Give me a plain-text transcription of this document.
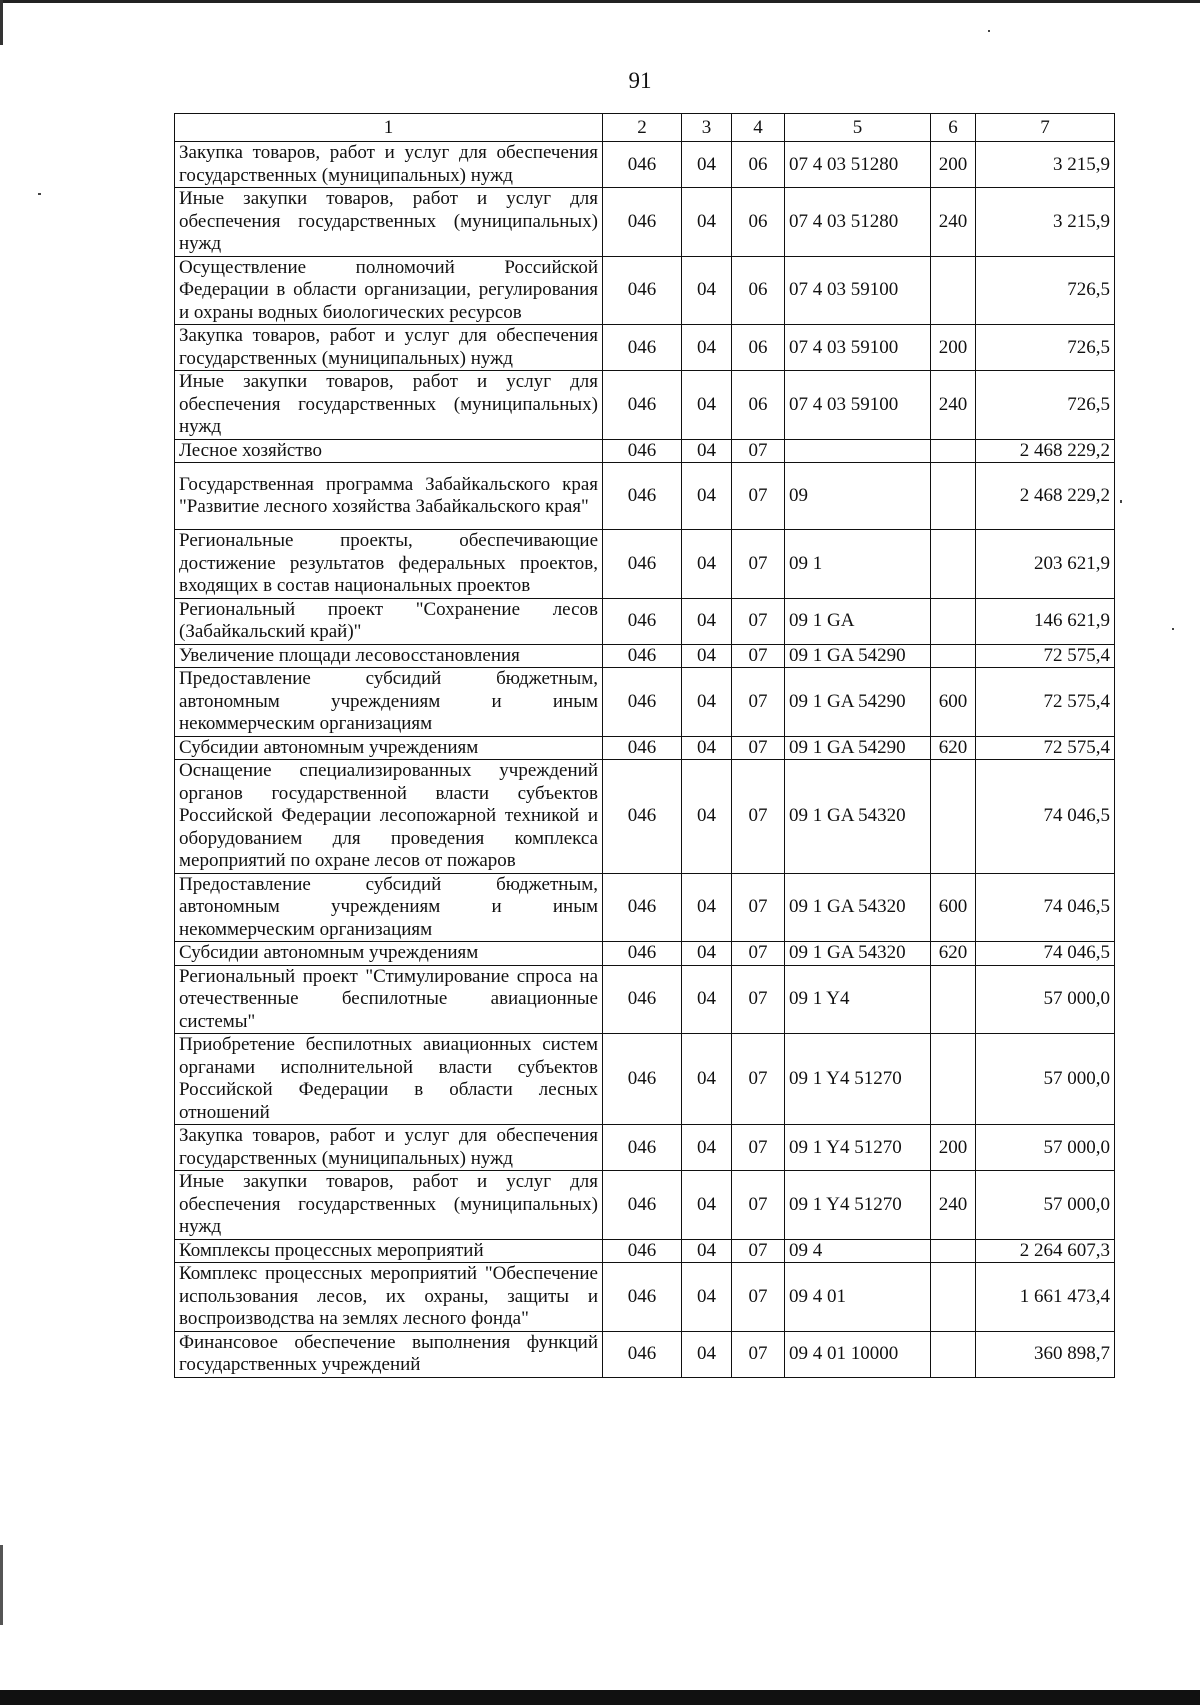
91
1	2	3	4	5	6	7
Закупка товаров, работ и услуг для обеспечения государственных (муниципальных) нужд	046	04	06	07 4 03 51280	200	3 215,9
Иные закупки товаров, работ и услуг для обеспечения государственных (муниципальных) нужд	046	04	06	07 4 03 51280	240	3 215,9
Осуществление полномочий Российской Федерации в области организации, регулирования и охраны водных биологических ресурсов	046	04	06	07 4 03 59100		726,5
Закупка товаров, работ и услуг для обеспечения государственных (муниципальных) нужд	046	04	06	07 4 03 59100	200	726,5
Иные закупки товаров, работ и услуг для обеспечения государственных (муниципальных) нужд	046	04	06	07 4 03 59100	240	726,5
Лесное хозяйство	046	04	07			2 468 229,2
Государственная программа Забайкальского края "Развитие лесного хозяйства Забайкальского края"	046	04	07	09		2 468 229,2
Региональные проекты, обеспечивающие достижение результатов федеральных проектов, входящих в состав национальных проектов	046	04	07	09 1		203 621,9
Региональный проект "Сохранение лесов (Забайкальский край)"	046	04	07	09 1 GA		146 621,9
Увеличение площади лесовосстановления	046	04	07	09 1 GA 54290		72 575,4
Предоставление субсидий бюджетным, автономным учреждениям и иным некоммерческим организациям	046	04	07	09 1 GA 54290	600	72 575,4
Субсидии автономным учреждениям	046	04	07	09 1 GA 54290	620	72 575,4
Оснащение специализированных учреждений органов государственной власти субъектов Российской Федерации лесопожарной техникой и оборудованием для проведения комплекса мероприятий по охране лесов от пожаров	046	04	07	09 1 GA 54320		74 046,5
Предоставление субсидий бюджетным, автономным учреждениям и иным некоммерческим организациям	046	04	07	09 1 GA 54320	600	74 046,5
Субсидии автономным учреждениям	046	04	07	09 1 GA 54320	620	74 046,5
Региональный проект "Стимулирование спроса на отечественные беспилотные авиационные системы"	046	04	07	09 1 Y4		57 000,0
Приобретение беспилотных авиационных систем органами исполнительной власти субъектов Российской Федерации в области лесных отношений	046	04	07	09 1 Y4 51270		57 000,0
Закупка товаров, работ и услуг для обеспечения государственных (муниципальных) нужд	046	04	07	09 1 Y4 51270	200	57 000,0
Иные закупки товаров, работ и услуг для обеспечения государственных (муниципальных) нужд	046	04	07	09 1 Y4 51270	240	57 000,0
Комплексы процессных мероприятий	046	04	07	09 4		2 264 607,3
Комплекс процессных мероприятий "Обеспечение использования лесов, их охраны, защиты и воспроизводства на землях лесного фонда"	046	04	07	09 4 01		1 661 473,4
Финансовое обеспечение выполнения функций государственных учреждений	046	04	07	09 4 01 10000		360 898,7
